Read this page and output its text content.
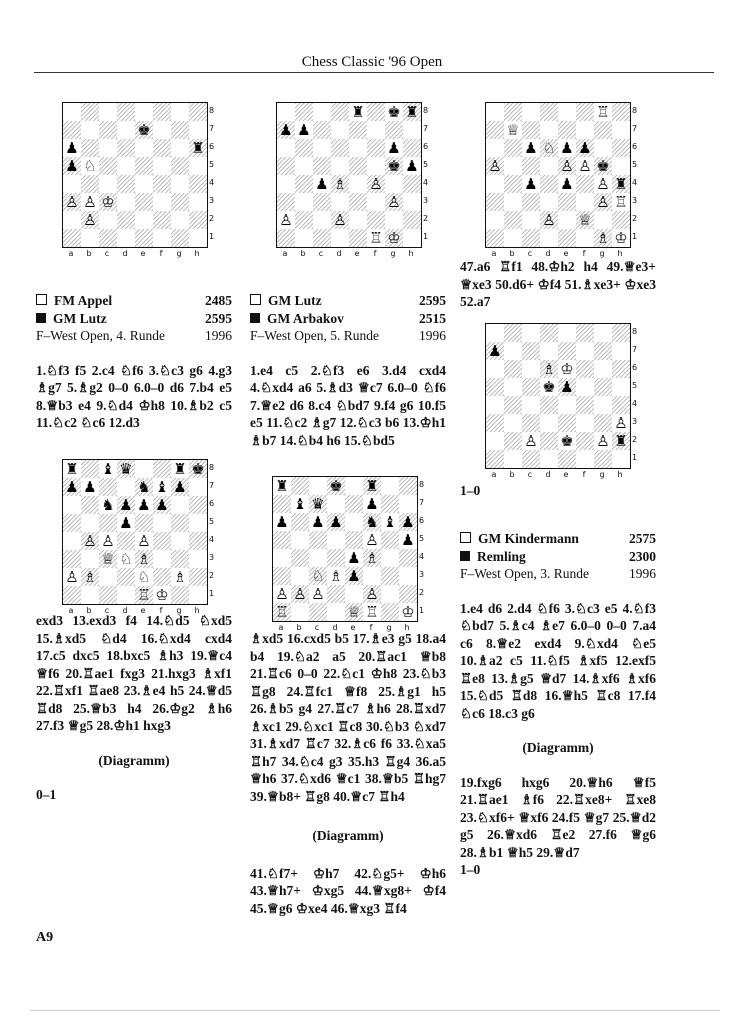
Chess Classic '96 Open
♚
♟	♜
♟ ♘
♙ ♙ ♔
♙
8
7
6
5
4
3
2
1
a	b	c	d	e	f	g	h
FM Appel	2485
GM Lutz	2595
F–West Open, 4. Runde	1996
1.♘f3 f5 2.c4 ♘f6 3.♘c3 g6 4.g3 ♗g7 5.♗g2 0–0 6.0–0 d6 7.b4 e5 8.♕b3 e4 9.♘d4 ♔h8 10.♗b2 c5 11.♘c2 ♘c6 12.d3
♜ ♝ ♛	♜ ♚
♟ ♟	♞ ♝ ♟
♞ ♟ ♟ ♟
♟
♙ ♙ ♙
♕ ♘ ♗
♙ ♗	♘ ♗
♖ ♔
8
7
6
5
4
3
2
1
a	b	c	d	e	f	g	h
exd3 13.exd3 f4 14.♘d5 ♘xd5 15.♗xd5 ♘d4 16.♘xd4 cxd4 17.c5 dxc5 18.bxc5 ♗h3 19.♕c4 ♕f6 20.♖ae1 fxg3 21.hxg3 ♗xf1 22.♖xf1 ♖ae8 23.♗e4 h5 24.♕d5 ♖d8 25.♕b3 h4 26.♔g2 ♗h6 27.f3 ♕g5 28.♔h1 hxg3
(Diagramm)
0–1
A9
♜ ♚ ♜
♟ ♟
♟
♚ ♟
♟ ♗ ♙
♙
♙	♙
♖ ♔
8
7
6
5
4
3
2
1
a	b	c	d	e	f	g	h
GM Lutz	2595
GM Arbakov	2515
F–West Open, 5. Runde	1996
1.e4 c5 2.♘f3 e6 3.d4 cxd4 4.♘xd4 a6 5.♗d3 ♕c7 6.0–0 ♘f6 7.♕e2 d6 8.c4 ♘bd7 9.f4 g6 10.f5 e5 11.♘c2 ♗g7 12.♘c3 b6 13.♔h1 ♗b7 14.♘b4 h6 15.♘bd5
♜	♚ ♜
♝ ♛	♟
♟ ♟ ♟ ♞ ♝ ♟
♙ ♟
♟ ♗
♘ ♗ ♟
♙ ♙ ♙	♙
♖	♕ ♖ ♔
8
7
6
5
4
3
2
1
a	b	c	d	e	f	g	h
♗xd5 16.cxd5 b5 17.♗e3 g5 18.a4 b4 19.♘a2 a5 20.♖ac1 ♕b8 21.♖c6 0–0 22.♘c1 ♔h8 23.♘b3 ♖g8 24.♖fc1 ♕f8 25.♗g1 h5 26.♗b5 g4 27.♖c7 ♗h6 28.♖xd7 ♗xc1 29.♘xc1 ♖c8 30.♘b3 ♘xd7 31.♗xd7 ♖c7 32.♗c6 f6 33.♘xa5 ♖h7 34.♘c4 g3 35.h3 ♖g4 36.a5 ♕h6 37.♘xd6 ♕c1 38.♕b5 ♖hg7 39.♕b8+ ♖g8 40.♕c7 ♖h4
(Diagramm)
41.♘f7+ ♔h7 42.♘g5+ ♔h6 43.♕h7+ ♔xg5 44.♕xg8+ ♔f4 45.♕g6 ♔xe4 46.♕xg3 ♖f4
♖
♕
♟ ♘ ♟ ♟
♙	♙ ♙ ♚
♟ ♟ ♙ ♜
♙ ♖
♙ ♕
♗ ♔
8
7
6
5
4
3
2
1
a	b	c	d	e	f	g	h
47.a6 ♖f1 48.♔h2 h4 49.♕e3+ ♕xe3 50.d6+ ♔f4 51.♗xe3+ ♔xe3 52.a7
♟
♗ ♔
♚ ♟
♙
♙ ♚ ♙ ♜
8
7
6
5
4
3
2
1
a	b	c	d	e	f	g	h
1–0
GM Kindermann	2575
Remling	2300
F–West Open, 3. Runde	1996
1.e4 d6 2.d4 ♘f6 3.♘c3 e5 4.♘f3 ♘bd7 5.♗c4 ♗e7 6.0–0 0–0 7.a4 c6 8.♕e2 exd4 9.♘xd4 ♘e5 10.♗a2 c5 11.♘f5 ♗xf5 12.exf5 ♖e8 13.♗g5 ♕d7 14.♗xf6 ♗xf6 15.♘d5 ♖d8 16.♕h5 ♖c8 17.f4 ♘c6 18.c3 g6
(Diagramm)
19.fxg6 hxg6 20.♕h6 ♕f5 21.♖ae1 ♗f6 22.♖xe8+ ♖xe8 23.♘xf6+ ♕xf6 24.f5 ♕g7 25.♕d2 g5 26.♕xd6 ♖e2 27.f6 ♕g6 28.♗b1 ♕h5 29.♕d7
1–0
